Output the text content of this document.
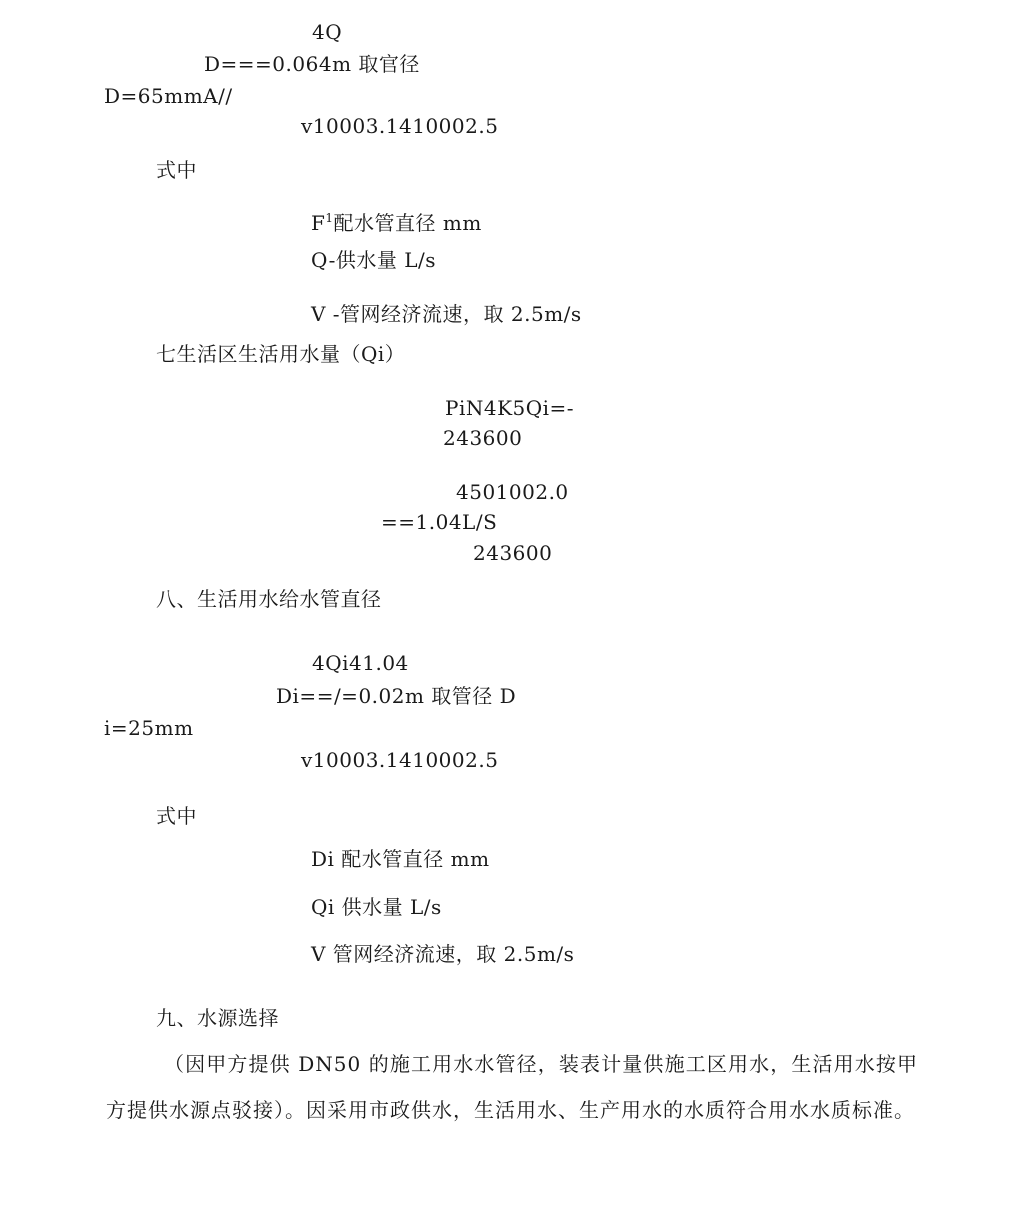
4Q
D===0.064m 取官径
D=65mmA//
v10003.1410002.5
式中
$F^1$配水管直径 mm
Q-供水量 L/s
V -管网经济流速，取 2.5m/s
七生活区生活用水量（Qi）
PiN4K5Qi=-
243600
4501002.0
==1.04L/S
243600
八、生活用水给水管直径
4Qi41.04
Di==/=0.02m 取管径 D
i=25mm
v10003.1410002.5
式中
Di 配水管直径 mm
Qi 供水量 L/s
V 管网经济流速，取 2.5m/s
九、水源选择
（因甲方提供 DN50 的施工用水水管径，装表计量供施工区用水，生活用水按甲方提供水源点驳接）。因采用市政供水，生活用水、生产用水的水质符合用水水质标准。
